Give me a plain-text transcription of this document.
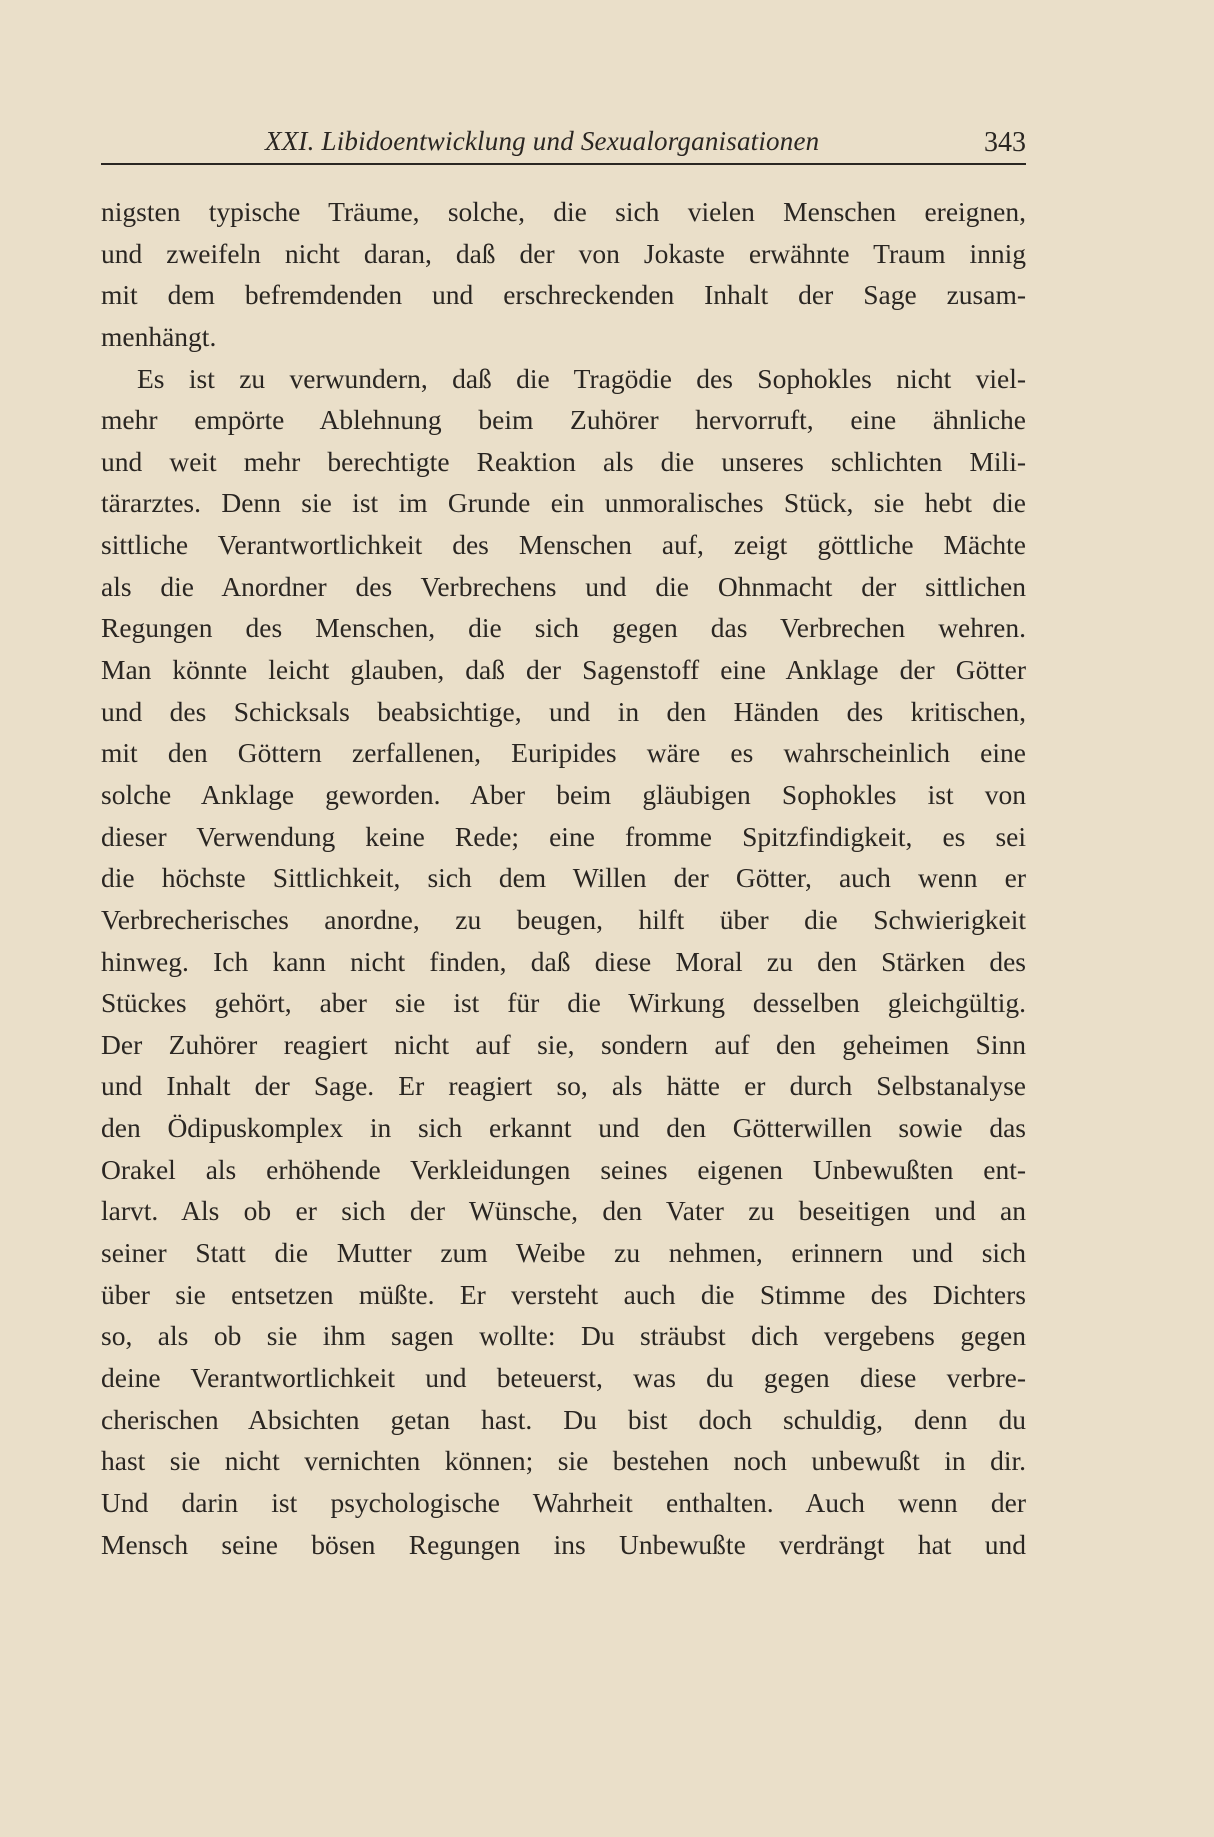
XXI. Libidoentwicklung und Sexualorganisationen	343
nigsten typische Träume, solche, die sich vielen Menschen ereignen,
und zweifeln nicht daran, daß der von Jokaste erwähnte Traum innig
mit dem befremdenden und erschreckenden Inhalt der Sage zusam-
menhängt.
Es ist zu verwundern, daß die Tragödie des Sophokles nicht viel-
mehr empörte Ablehnung beim Zuhörer hervorruft, eine ähnliche
und weit mehr berechtigte Reaktion als die unseres schlichten Mili-
tärarztes. Denn sie ist im Grunde ein unmoralisches Stück, sie hebt die
sittliche Verantwortlichkeit des Menschen auf, zeigt göttliche Mächte
als die Anordner des Verbrechens und die Ohnmacht der sittlichen
Regungen des Menschen, die sich gegen das Verbrechen wehren.
Man könnte leicht glauben, daß der Sagenstoff eine Anklage der Götter
und des Schicksals beabsichtige, und in den Händen des kritischen,
mit den Göttern zerfallenen, Euripides wäre es wahrscheinlich eine
solche Anklage geworden. Aber beim gläubigen Sophokles ist von
dieser Verwendung keine Rede; eine fromme Spitzfindigkeit, es sei
die höchste Sittlichkeit, sich dem Willen der Götter, auch wenn er
Verbrecherisches anordne, zu beugen, hilft über die Schwierigkeit
hinweg. Ich kann nicht finden, daß diese Moral zu den Stärken des
Stückes gehört, aber sie ist für die Wirkung desselben gleichgültig.
Der Zuhörer reagiert nicht auf sie, sondern auf den geheimen Sinn
und Inhalt der Sage. Er reagiert so, als hätte er durch Selbstanalyse
den Ödipuskomplex in sich erkannt und den Götterwillen sowie das
Orakel als erhöhende Verkleidungen seines eigenen Unbewußten ent-
larvt. Als ob er sich der Wünsche, den Vater zu beseitigen und an
seiner Statt die Mutter zum Weibe zu nehmen, erinnern und sich
über sie entsetzen müßte. Er versteht auch die Stimme des Dichters
so, als ob sie ihm sagen wollte: Du sträubst dich vergebens gegen
deine Verantwortlichkeit und beteuerst, was du gegen diese verbre-
cherischen Absichten getan hast. Du bist doch schuldig, denn du
hast sie nicht vernichten können; sie bestehen noch unbewußt in dir.
Und darin ist psychologische Wahrheit enthalten. Auch wenn der
Mensch seine bösen Regungen ins Unbewußte verdrängt hat und
